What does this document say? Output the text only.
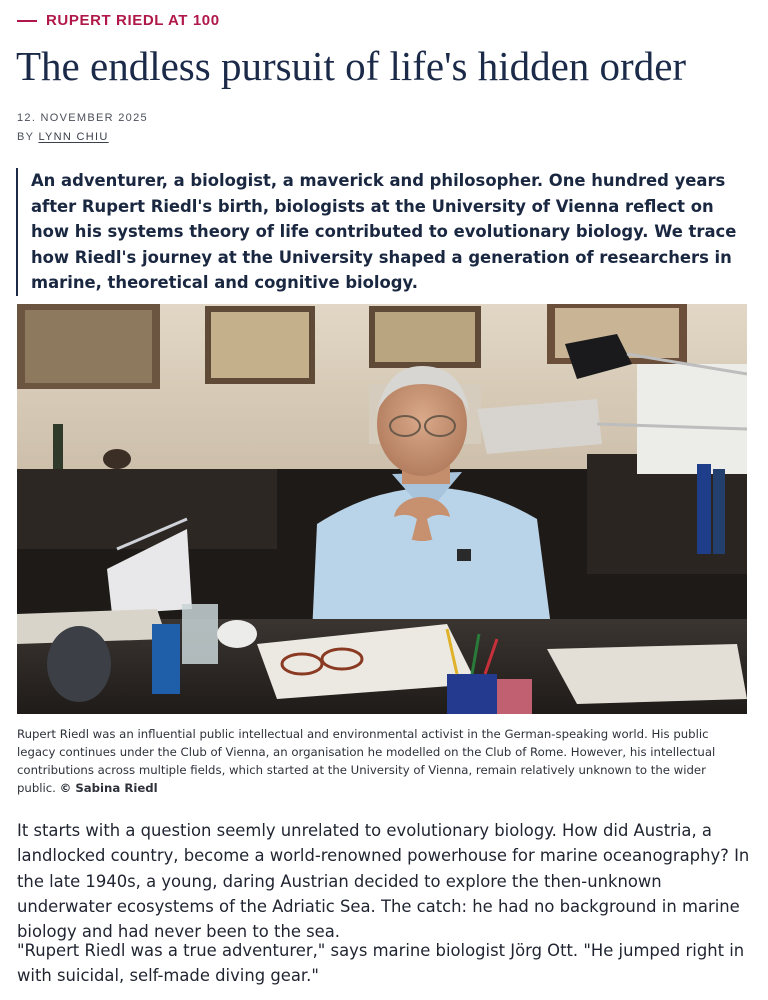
RUPERT RIEDL AT 100
The endless pursuit of life's hidden order
12. NOVEMBER 2025
BY LYNN CHIU

An adventurer, a biologist, a maverick and philosopher. One hundred years after Rupert Riedl's birth, biologists at the University of Vienna reflect on how his systems theory of life contributed to evolutionary biology. We trace how Riedl's journey at the University shaped a generation of researchers in marine, theoretical and cognitive biology.

Rupert Riedl was an influential public intellectual and environmental activist in the German-speaking world. His public legacy continues under the Club of Vienna, an organisation he modelled on the Club of Rome. However, his intellectual contributions across multiple fields, which started at the University of Vienna, remain relatively unknown to the wider public. © Sabina Riedl

It starts with a question seemly unrelated to evolutionary biology. How did Austria, a landlocked country, become a world-renowned powerhouse for marine oceanography? In the late 1940s, a young, daring Austrian decided to explore the then-unknown underwater ecosystems of the Adriatic Sea. The catch: he had no background in marine biology and had never been to the sea.

"Rupert Riedl was a true adventurer," says marine biologist Jörg Ott. "He jumped right in with suicidal, self-made diving gear."
